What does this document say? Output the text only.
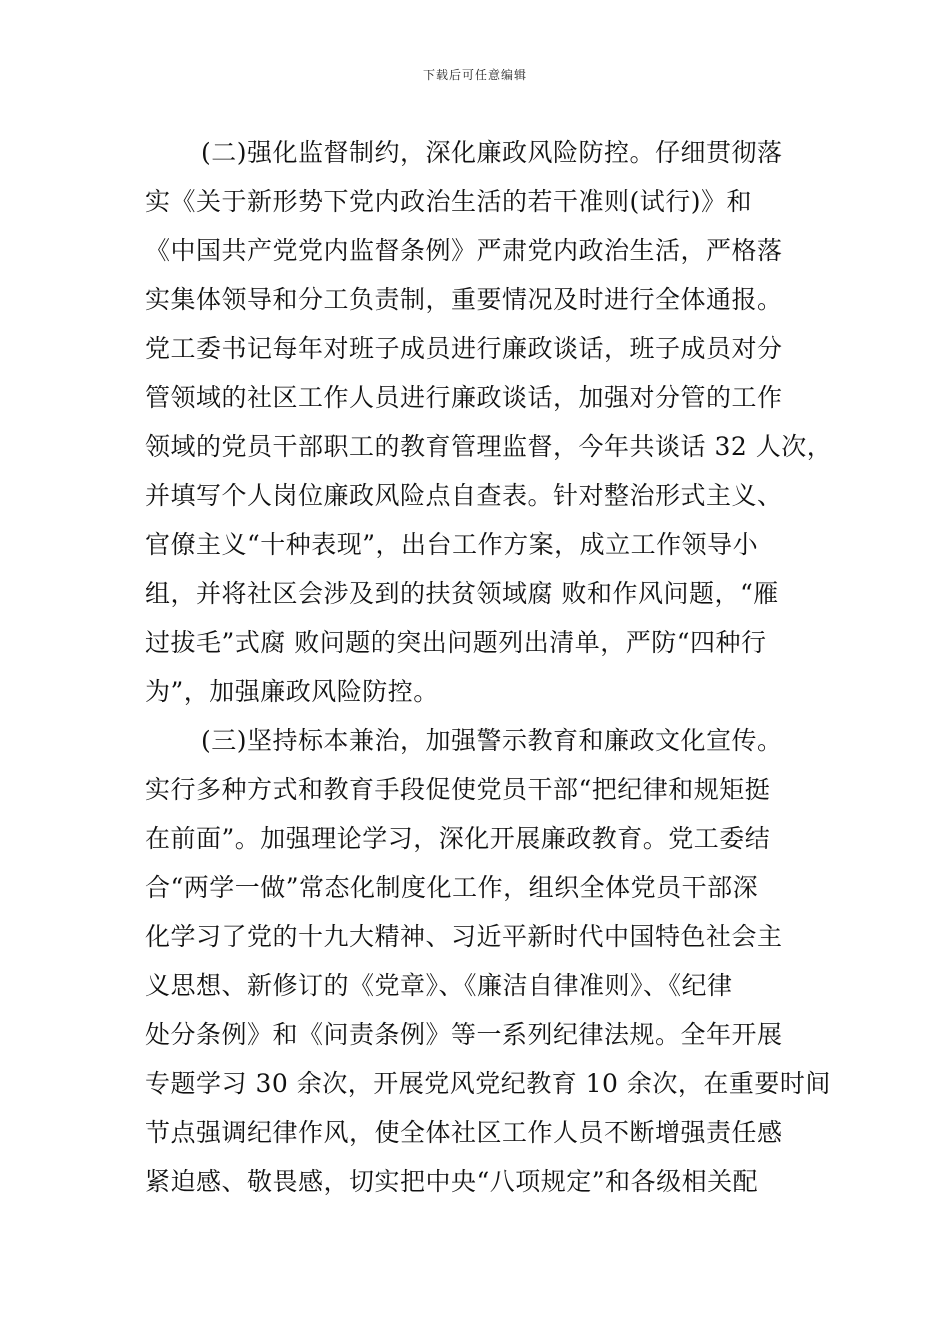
下载后可任意编辑
(二)强化监督制约，深化廉政风险防控。仔细贯彻落
实《关于新形势下党内政治生活的若干准则(试行)》和
《中国共产党党内监督条例》严肃党内政治生活，严格落
实集体领导和分工负责制，重要情况及时进行全体通报。
党工委书记每年对班子成员进行廉政谈话，班子成员对分
管领域的社区工作人员进行廉政谈话，加强对分管的工作
领域的党员干部职工的教育管理监督，今年共谈话 32 人次，
并填写个人岗位廉政风险点自查表。针对整治形式主义、
官僚主义“十种表现”，出台工作方案，成立工作领导小
组，并将社区会涉及到的扶贫领域腐 败和作风问题，“雁
过拔毛”式腐 败问题的突出问题列出清单，严防“四种行
为”，加强廉政风险防控。
(三)坚持标本兼治，加强警示教育和廉政文化宣传。
实行多种方式和教育手段促使党员干部“把纪律和规矩挺
在前面”。加强理论学习，深化开展廉政教育。党工委结
合“两学一做”常态化制度化工作，组织全体党员干部深
化学习了党的十九大精神、习近平新时代中国特色社会主
义思想、新修订的《党章》、《廉洁自律准则》、《纪律
处分条例》和《问责条例》等一系列纪律法规。全年开展
专题学习 30 余次，开展党风党纪教育 10 余次，在重要时间
节点强调纪律作风，使全体社区工作人员不断增强责任感
紧迫感、敬畏感，切实把中央“八项规定”和各级相关配
